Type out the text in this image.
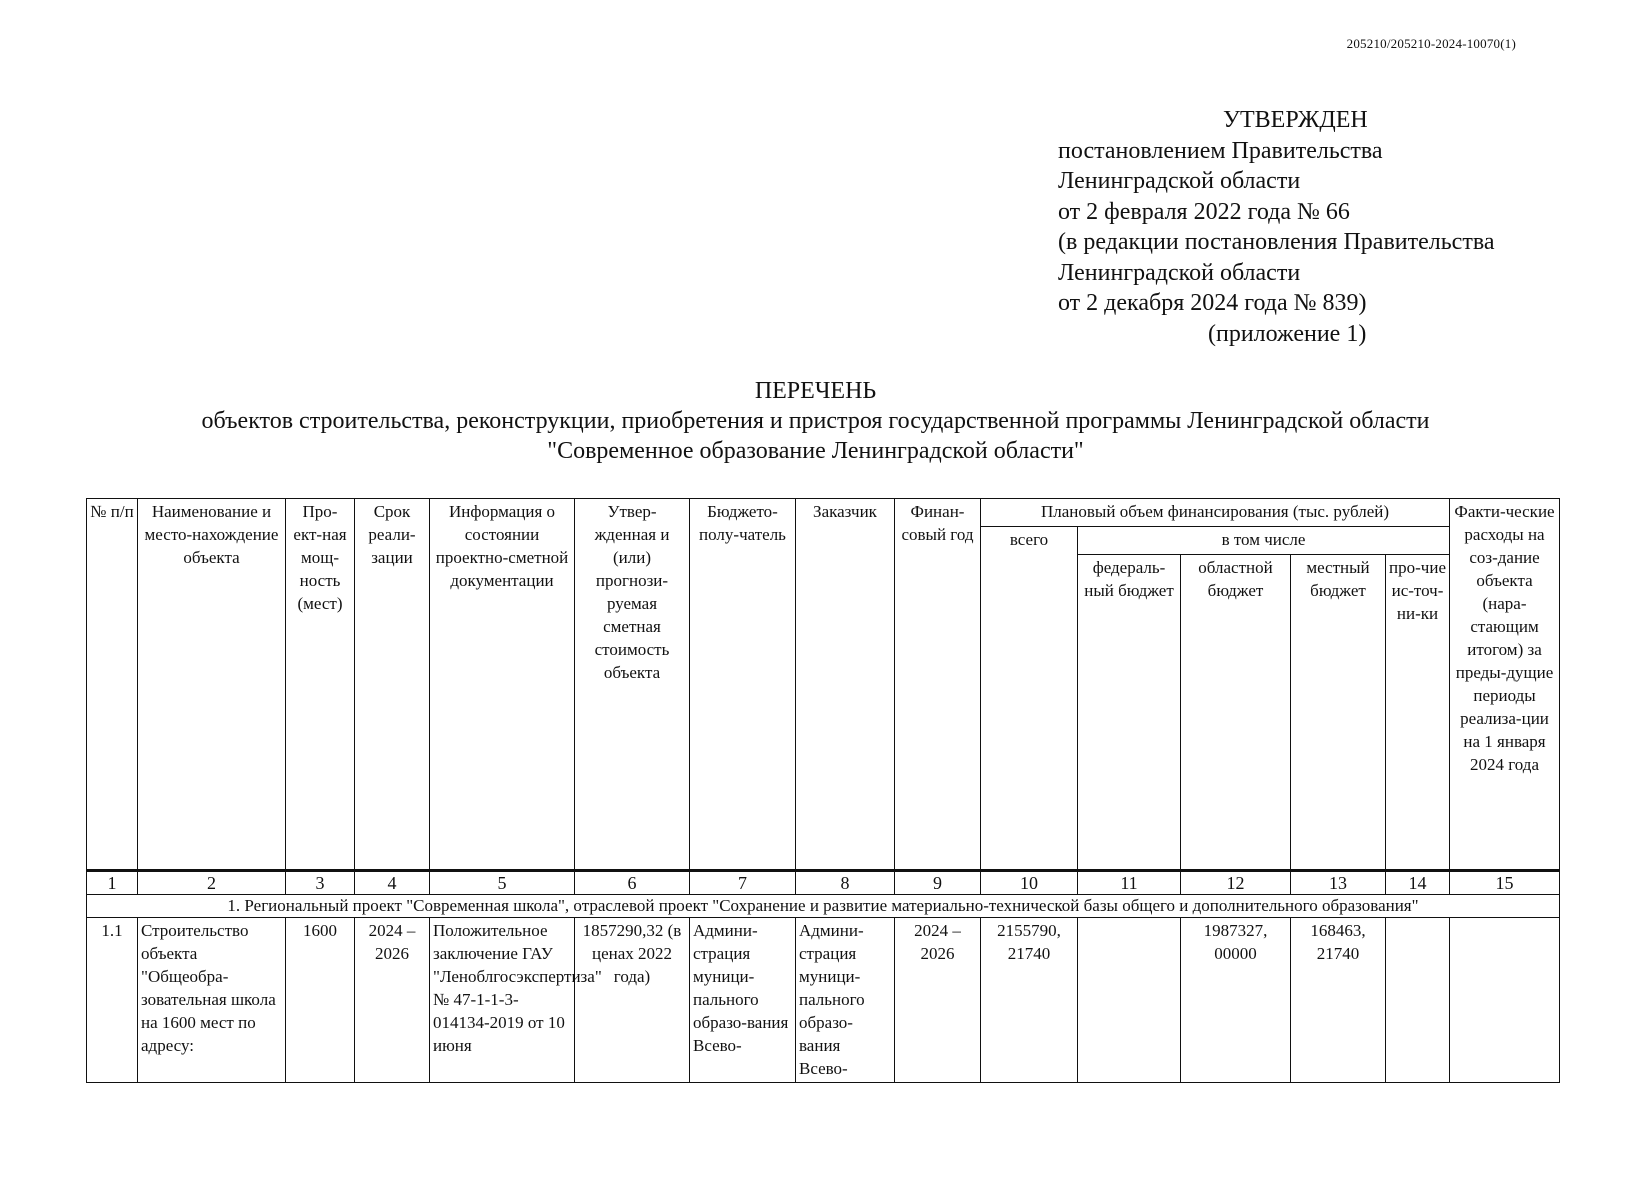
205210/205210-2024-10070(1)
УТВЕРЖДЕН
постановлением Правительства
Ленинградской области
от 2 февраля 2022 года № 66
(в редакции постановления Правительства
Ленинградской области
от 2 декабря 2024 года № 839)
(приложение 1)
ПЕРЕЧЕНЬ
объектов строительства, реконструкции, приобретения и пристроя государственной программы Ленинградской области
"Современное образование Ленинградской области"
№ п/п	Наименование и место-нахождение объекта	Про-ект-ная мощ-ность (мест)	Срок реали-зации	Информация о состоянии проектно-сметной документации	Утвер-жденная и (или) прогнози-руемая сметная стоимость объекта	Бюджето-полу-чатель	Заказчик	Финан-совый год	Плановый объем финансирования (тыс. рублей)					Факти-ческие расходы на соз-дание объекта (нара-стающим итогом) за преды-дущие периоды реализа-ции на 1 января 2024 года
									всего	в том числе				
										федераль-ный бюджет	областной бюджет	местный бюджет	про-чие ис-точ-ни-ки	
1	2	3	4	5	6	7	8	9	10	11	12	13	14	15
1. Региональный проект "Современная школа", отраслевой проект "Сохранение и развитие материально-технической базы общего и дополнительного образования"														
1.1	Строительство объекта "Общеобра-зовательная школа на 1600 мест по адресу:	1600	2024 – 2026	Положительное заключение ГАУ "Леноблгосэкспертиза" № 47-1-1-3-014134-2019 от 10 июня	1857290,32 (в ценах 2022 года)	Админи-страция муници-пального образо-вания Всево-	Админи-страция муници-пального образо-вания Всево-	2024 – 2026	2155790, 21740		1987327, 00000	168463, 21740		
